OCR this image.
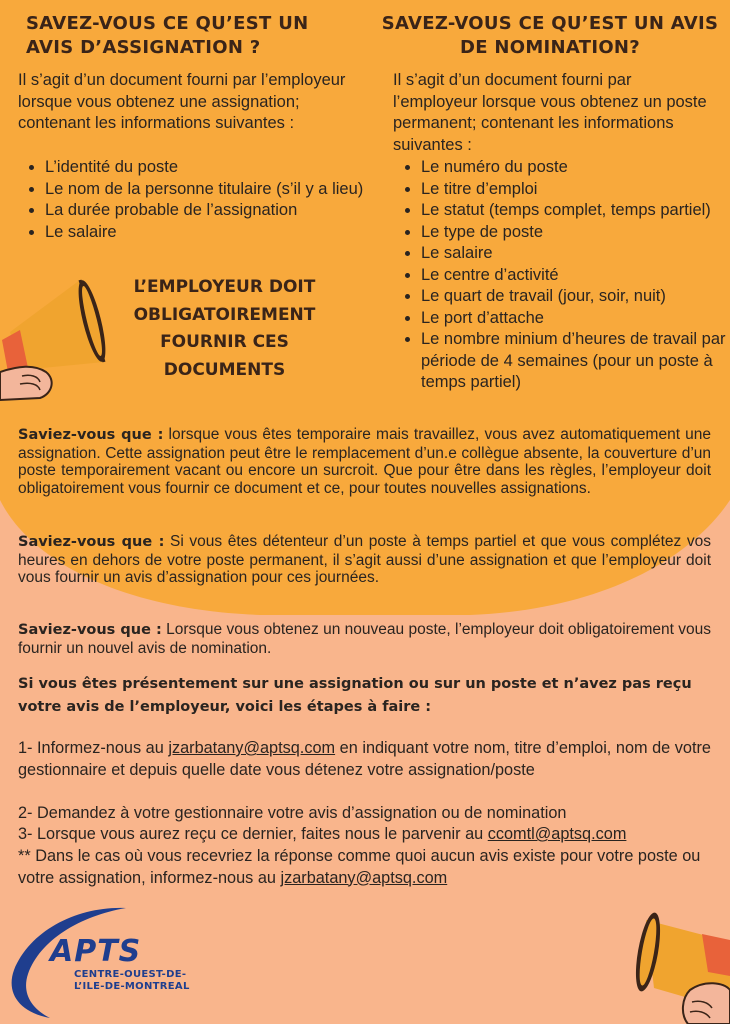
SAVEZ-VOUS CE QU’EST UN AVIS D’ASSIGNATION ?
Il s’agit d’un document fourni par l’employeur lorsque vous obtenez une assignation; contenant les informations suivantes :
• L’identité du poste
• Le nom de la personne titulaire (s’il y a lieu)
• La durée probable de l’assignation
• Le salaire
SAVEZ-VOUS CE QU’EST UN AVIS DE NOMINATION?
Il s’agit d’un document fourni par l’employeur lorsque vous obtenez un poste permanent; contenant les informations suivantes :
• Le numéro du poste
• Le titre d’emploi
• Le statut (temps complet, temps partiel)
• Le type de poste
• Le salaire
• Le centre d’activité
• Le quart de travail (jour, soir, nuit)
• Le port d’attache
• Le nombre minium d’heures de travail par période de 4 semaines (pour un poste à temps partiel)
L’EMPLOYEUR DOIT
OBLIGATOIREMENT
FOURNIR CES
DOCUMENTS
Saviez-vous que : lorsque vous êtes temporaire mais travaillez, vous avez automatiquement une assignation. Cette assignation peut être le remplacement d’un.e collègue absente, la couverture d’un poste temporairement vacant ou encore un surcroit. Que pour être dans les règles, l’employeur doit obligatoirement vous fournir ce document et ce, pour toutes nouvelles assignations.
Saviez-vous que : Si vous êtes détenteur d’un poste à temps partiel et que vous complétez vos heures en dehors de votre poste permanent, il s’agit aussi d’une assignation et que l’employeur doit vous fournir un avis d’assignation pour ces journées.
Saviez-vous que : Lorsque vous obtenez un nouveau poste, l’employeur doit obligatoirement vous fournir un nouvel avis de nomination.
Si vous êtes présentement sur une assignation ou sur un poste et n’avez pas reçu votre avis de l’employeur, voici les étapes à faire :
1- Informez-nous au jzarbatany@aptsq.com en indiquant votre nom, titre d’emploi, nom de votre gestionnaire et depuis quelle date vous détenez votre assignation/poste
2- Demandez à votre gestionnaire votre avis d’assignation ou de nomination
3- Lorsque vous aurez reçu ce dernier, faites nous le parvenir au ccomtl@aptsq.com
** Dans le cas où vous recevriez la réponse comme quoi aucun avis existe pour votre poste ou votre assignation, informez-nous au jzarbatany@aptsq.com
APTS
CENTRE-OUEST-DE-
L’ILE-DE-MONTREAL
